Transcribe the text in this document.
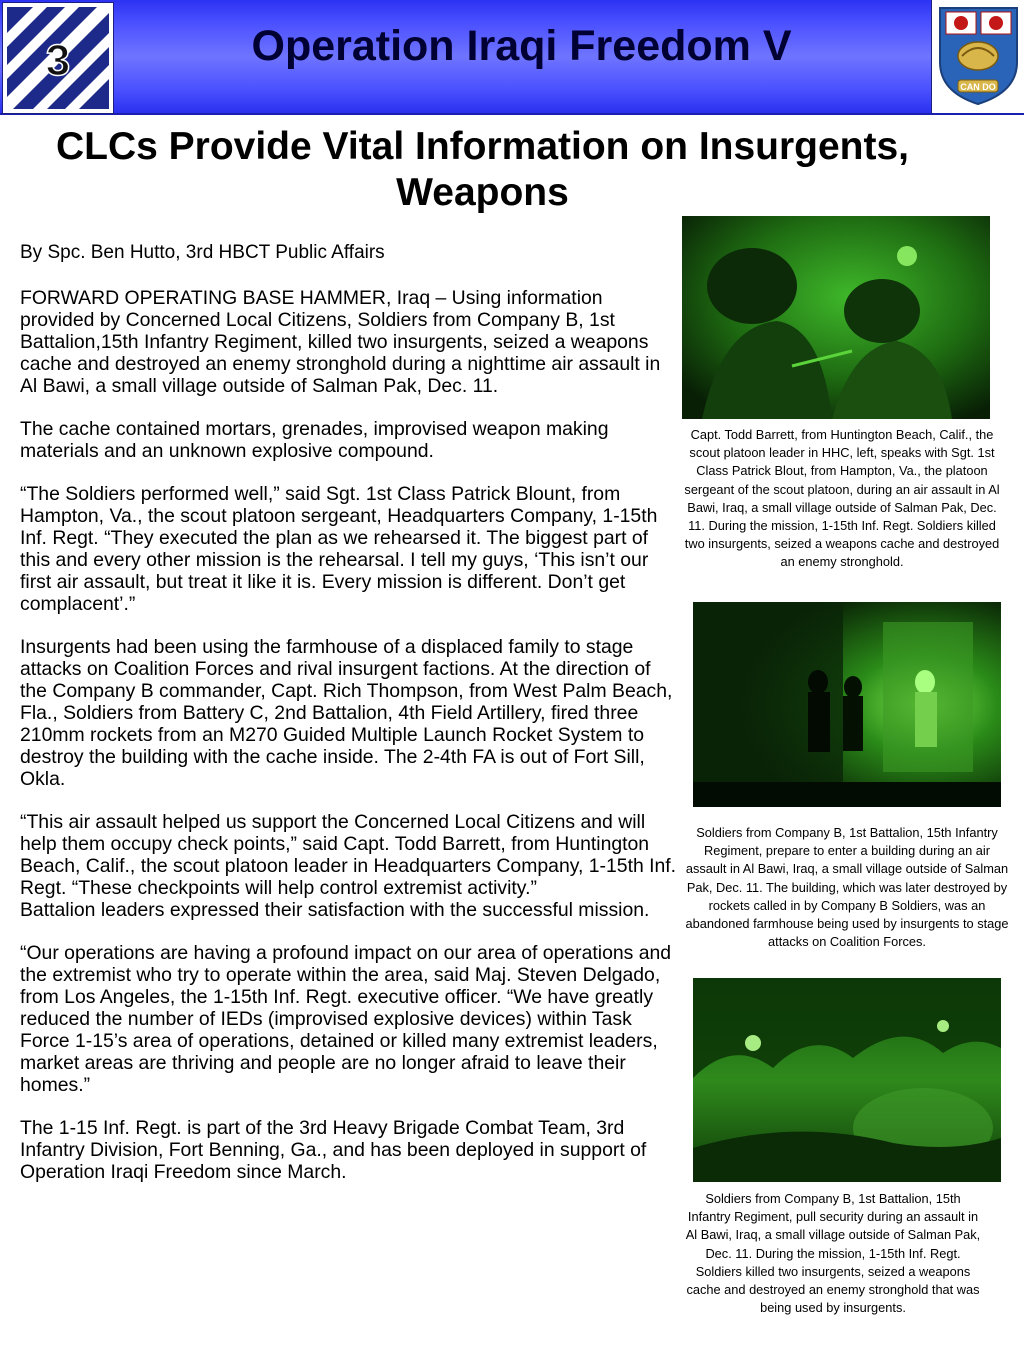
3	Operation Iraqi Freedom V
CAN DO
CLCs Provide Vital Information on Insurgents, Weapons
By Spc. Ben Hutto, 3rd HBCT Public Affairs

FORWARD OPERATING BASE HAMMER, Iraq – Using information provided by Concerned Local Citizens, Soldiers from Company B, 1st Battalion,15th Infantry Regiment, killed two insurgents, seized a weapons cache and destroyed an enemy stronghold during a nighttime air assault in Al Bawi, a small village outside of Salman Pak, Dec. 11.

The cache contained mortars, grenades, improvised weapon making materials and an unknown explosive compound.

“The Soldiers performed well,” said Sgt. 1st Class Patrick Blount, from Hampton, Va., the scout platoon sergeant, Headquarters Company, 1-15th Inf. Regt. “They executed the plan as we rehearsed it. The biggest part of this and every other mission is the rehearsal. I tell my guys, ‘This isn’t our first air assault, but treat it like it is. Every mission is different. Don’t get complacent’.”

Insurgents had been using the farmhouse of a displaced family to stage attacks on Coalition Forces and rival insurgent factions. At the direction of the Company B commander, Capt. Rich Thompson, from West Palm Beach, Fla., Soldiers from Battery C, 2nd Battalion, 4th Field Artillery, fired three 210mm rockets from an M270 Guided Multiple Launch Rocket System to destroy the building with the cache inside. The 2-4th FA is out of Fort Sill, Okla.

“This air assault helped us support the Concerned Local Citizens and will help them occupy check points,” said Capt. Todd Barrett, from Huntington Beach, Calif., the scout platoon leader in Headquarters Company, 1-15th Inf. Regt. “These checkpoints will help control extremist activity.”

Battalion leaders expressed their satisfaction with the successful mission.

“Our operations are having a profound impact on our area of operations and the extremist who try to operate within the area, said Maj. Steven Delgado, from Los Angeles, the 1-15th Inf. Regt. executive officer. “We have greatly reduced the number of IEDs (improvised explosive devices) within Task Force 1-15’s area of operations, detained or killed many extremist leaders, market areas are thriving and people are no longer afraid to leave their homes.”

The 1-15 Inf. Regt. is part of the 3rd Heavy Brigade Combat Team, 3rd Infantry Division, Fort Benning, Ga., and has been deployed in support of Operation Iraqi Freedom since March.

Capt. Todd Barrett, from Huntington Beach, Calif., the scout platoon leader in HHC, left, speaks with Sgt. 1st Class Patrick Blout, from Hampton, Va., the platoon sergeant of the scout platoon, during an air assault in Al Bawi, Iraq, a small village outside of Salman Pak, Dec. 11. During the mission, 1-15th Inf. Regt. Soldiers killed two insurgents, seized a weapons cache and destroyed an enemy stronghold.
Soldiers from Company B, 1st Battalion, 15th Infantry Regiment, prepare to enter a building during an air assault in Al Bawi, Iraq, a small village outside of Salman Pak, Dec. 11. The building, which was later destroyed by rockets called in by Company B Soldiers, was an abandoned farmhouse being used by insurgents to stage attacks on Coalition Forces.
Soldiers from Company B, 1st Battalion, 15th Infantry Regiment, pull security during an assault in Al Bawi, Iraq, a small village outside of Salman Pak, Dec. 11. During the mission, 1-15th Inf. Regt. Soldiers killed two insurgents, seized a weapons cache and destroyed an enemy stronghold that was being used by insurgents.
